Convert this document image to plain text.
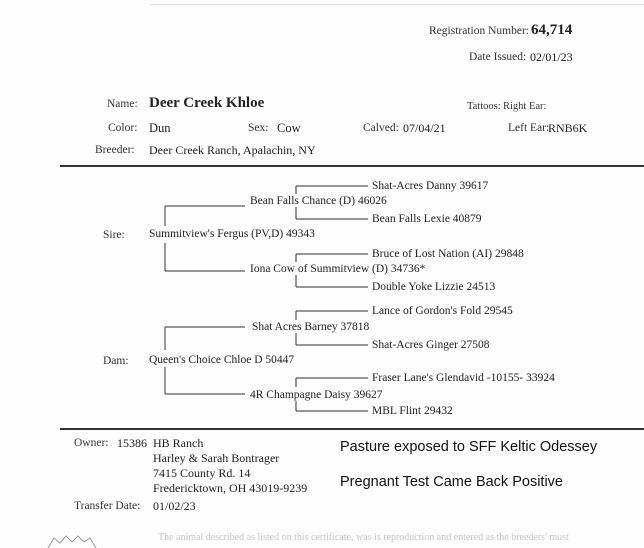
Registration Number: 64,714
Date Issued: 02/01/23
Name: Deer Creek Khloe	Tattoos: Right Ear:
Color: Dun	Sex: Cow	Calved: 07/04/21	Left Ear:
RNB6K
Breeder: Deer Creek Ranch, Apalachin, NY
Shat-Acres Danny 39617
Bean Falls Chance (D) 46026
Bean Falls Lexie 40879
Sire: Summitview's Fergus (PV,D) 49343
Bruce of Lost Nation (AI) 29848
Iona Cow of Summitview (D) 34736*
Double Yoke Lizzie 24513
Lance of Gordon's Fold 29545
Shat Acres Barney 37818
Shat-Acres Ginger 27508
Dam: Queen's Choice Chloe D 50447
Fraser Lane's Glendavid -10155- 33924
4R Champagne Daisy 39627
MBL Flint 29432
Owner: 15386 HB Ranch
Harley & Sarah Bontrager
7415 County Rd. 14
Fredericktown, OH 43019-9239
Transfer Date: 01/02/23
Pasture exposed to SFF Keltic Odessey
Pregnant Test Came Back Positive
The animal described as listed on this certificate, was is reproduction and entered as the breeders' must
